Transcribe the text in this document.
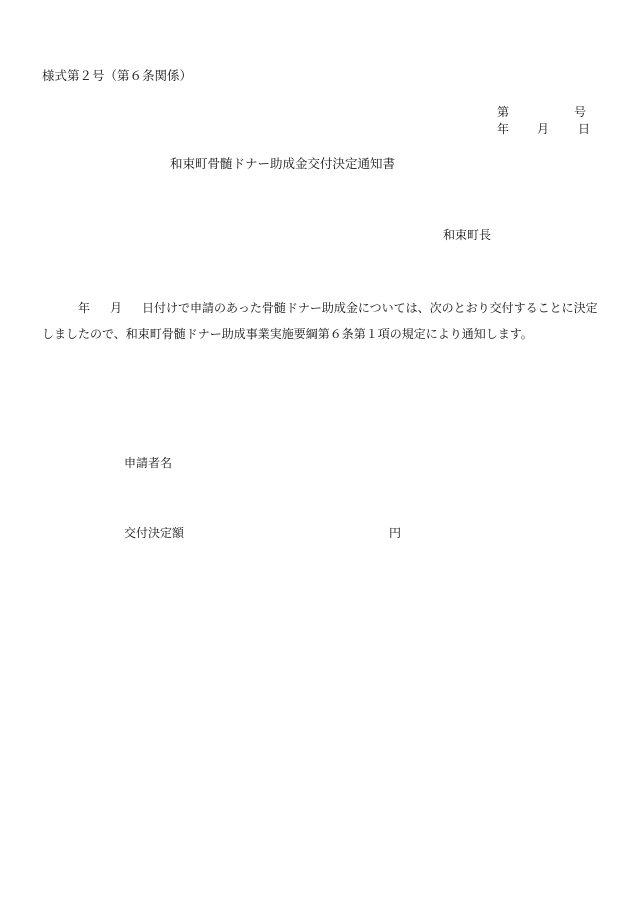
様式第２号（第６条関係）
第	号
年 月 日
和束町骨髄ドナー助成金交付決定通知書
和束町長
年 月 日付けで申請のあった骨髄ドナー助成金については、次のとおり交付することに決定しましたので、和束町骨髄ドナー助成事業実施要綱第６条第１項の規定により通知します。
申請者名
交付決定額	円
